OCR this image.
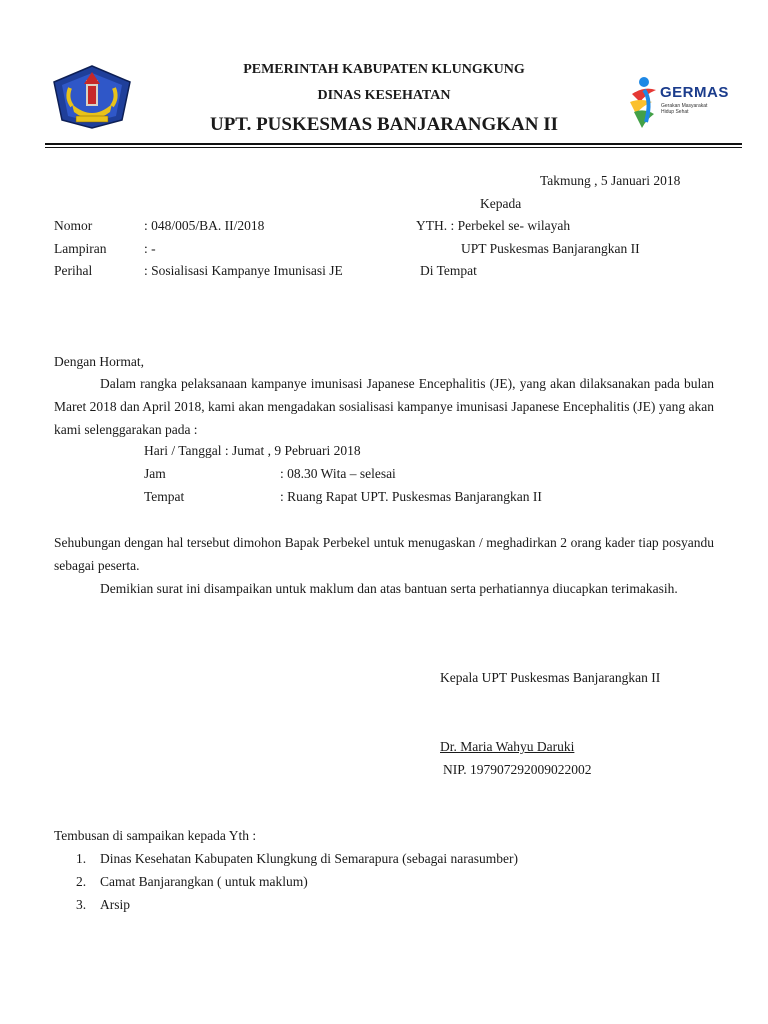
GERMAS
Gerakan Masyarakat
Hidup Sehat
PEMERINTAH KABUPATEN KLUNGKUNG
DINAS KESEHATAN
UPT. PUSKESMAS BANJARANGKAN II
Takmung , 5 Januari 2018
Kepada
Nomor	: 048/005/BA. II/2018	YTH. : Perbekel se- wilayah
Lampiran	: -	UPT Puskesmas Banjarangkan II
Perihal	: Sosialisasi Kampanye Imunisasi JE	Di Tempat
Dengan Hormat,
Dalam rangka pelaksanaan kampanye imunisasi Japanese Encephalitis (JE), yang akan dilaksanakan pada bulan Maret 2018 dan April 2018, kami akan mengadakan sosialisasi kampanye imunisasi Japanese Encephalitis (JE) yang akan kami selenggarakan pada :
Hari / Tanggal : Jumat , 9 Pebruari 2018
Jam	: 08.30 Wita – selesai
Tempat	: Ruang Rapat UPT. Puskesmas Banjarangkan II
Sehubungan dengan hal tersebut dimohon Bapak Perbekel untuk menugaskan / meghadirkan 2 orang kader tiap posyandu sebagai peserta.
Demikian surat ini disampaikan untuk maklum dan atas bantuan serta perhatiannya diucapkan terimakasih.
Kepala UPT Puskesmas Banjarangkan II
Dr. Maria Wahyu Daruki
NIP. 197907292009022002
Tembusan di sampaikan kepada Yth :
1.	Dinas Kesehatan Kabupaten Klungkung di Semarapura (sebagai narasumber)
2.	Camat Banjarangkan ( untuk maklum)
3.	Arsip
